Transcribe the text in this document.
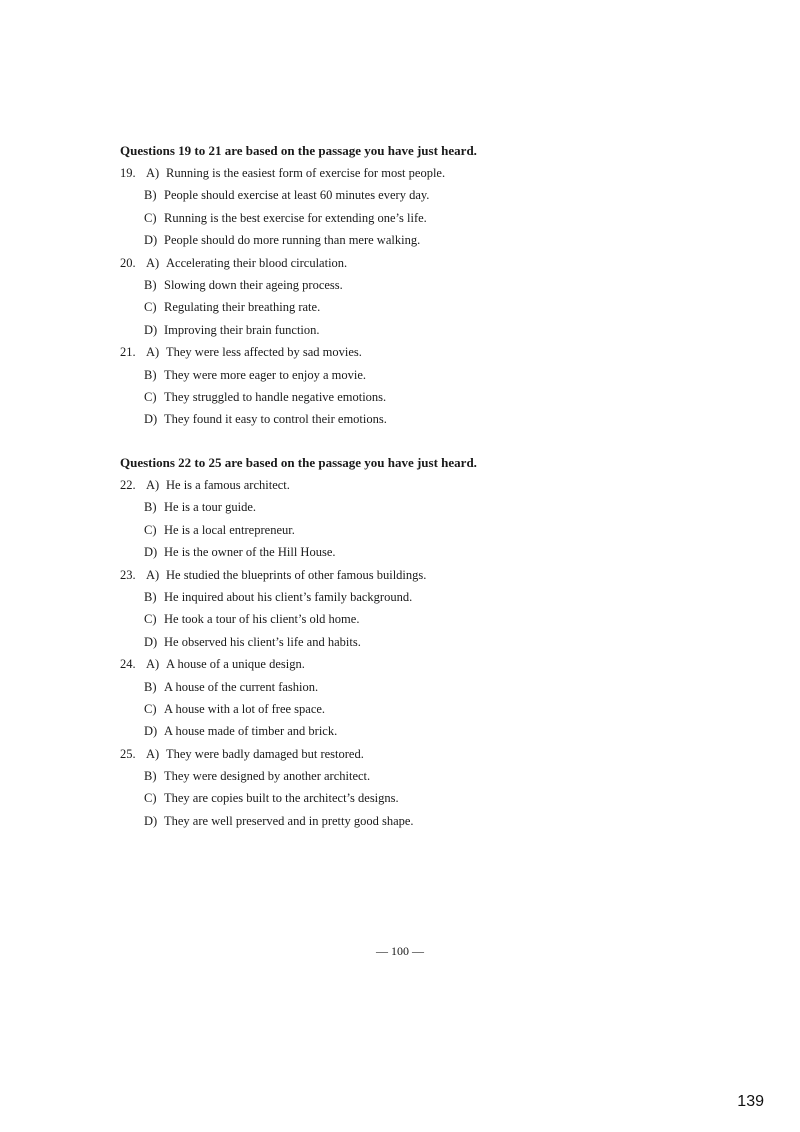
Questions 19 to 21 are based on the passage you have just heard.
19. A) Running is the easiest form of exercise for most people.
B) People should exercise at least 60 minutes every day.
C) Running is the best exercise for extending one’s life.
D) People should do more running than mere walking.
20. A) Accelerating their blood circulation.
B) Slowing down their ageing process.
C) Regulating their breathing rate.
D) Improving their brain function.
21. A) They were less affected by sad movies.
B) They were more eager to enjoy a movie.
C) They struggled to handle negative emotions.
D) They found it easy to control their emotions.
Questions 22 to 25 are based on the passage you have just heard.
22. A) He is a famous architect.
B) He is a tour guide.
C) He is a local entrepreneur.
D) He is the owner of the Hill House.
23. A) He studied the blueprints of other famous buildings.
B) He inquired about his client’s family background.
C) He took a tour of his client’s old home.
D) He observed his client’s life and habits.
24. A) A house of a unique design.
B) A house of the current fashion.
C) A house with a lot of free space.
D) A house made of timber and brick.
25. A) They were badly damaged but restored.
B) They were designed by another architect.
C) They are copies built to the architect’s designs.
D) They are well preserved and in pretty good shape.
— 100 —
139
